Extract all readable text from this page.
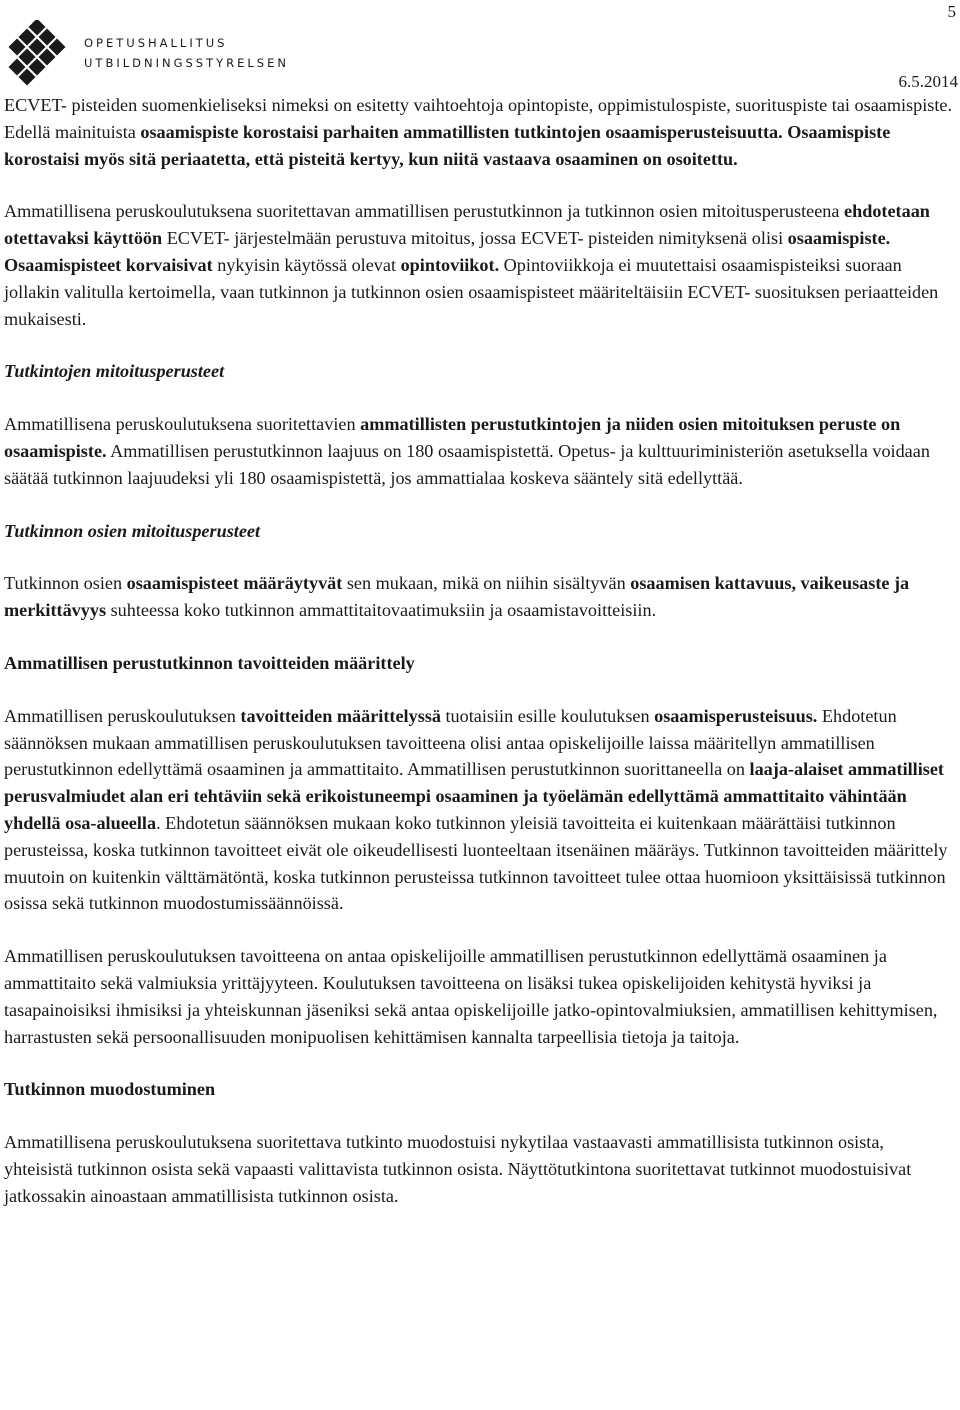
5
OPETUSHALLITUS
UTBILDNINGSSTYRELSEN
6.5.2014

ECVET- pisteiden suomenkieliseksi nimeksi on esitetty vaihtoehtoja opintopiste, oppimistulospiste, suorituspiste tai osaamispiste. Edellä mainituista osaamispiste korostaisi parhaiten ammatillisten tutkintojen osaamisperusteisuutta. Osaamispiste korostaisi myös sitä periaatetta, että pisteitä kertyy, kun niitä vastaava osaaminen on osoitettu.

Ammatillisena peruskoulutuksena suoritettavan ammatillisen perustutkinnon ja tutkinnon osien mitoitusperusteena ehdotetaan otettavaksi käyttöön ECVET- järjestelmään perustuva mitoitus, jossa ECVET- pisteiden nimityksenä olisi osaamispiste. Osaamispisteet korvaisivat nykyisin käytössä olevat opintoviikot. Opintoviikkoja ei muutettaisi osaamispisteiksi suoraan jollakin valitulla kertoimella, vaan tutkinnon ja tutkinnon osien osaamispisteet määriteltäisiin ECVET- suosituksen periaatteiden mukaisesti.

Tutkintojen mitoitusperusteet

Ammatillisena peruskoulutuksena suoritettavien ammatillisten perustutkintojen ja niiden osien mitoituksen peruste on osaamispiste. Ammatillisen perustutkinnon laajuus on 180 osaamispistettä. Opetus- ja kulttuuriministeriön asetuksella voidaan säätää tutkinnon laajuudeksi yli 180 osaamispistettä, jos ammattialaa koskeva sääntely sitä edellyttää.

Tutkinnon osien mitoitusperusteet

Tutkinnon osien osaamispisteet määräytyvät sen mukaan, mikä on niihin sisältyvän osaamisen kattavuus, vaikeusaste ja merkittävyys suhteessa koko tutkinnon ammattitaitovaatimuksiin ja osaamistavoitteisiin.

Ammatillisen perustutkinnon tavoitteiden määrittely

Ammatillisen peruskoulutuksen tavoitteiden määrittelyssä tuotaisiin esille koulutuksen osaamisperusteisuus. Ehdotetun säännöksen mukaan ammatillisen peruskoulutuksen tavoitteena olisi antaa opiskelijoille laissa määritellyn ammatillisen perustutkinnon edellyttämä osaaminen ja ammattitaito. Ammatillisen perustutkinnon suorittaneella on laaja-alaiset ammatilliset perusvalmiudet alan eri tehtäviin sekä erikoistuneempi osaaminen ja työelämän edellyttämä ammattitaito vähintään yhdellä osa-alueella. Ehdotetun säännöksen mukaan koko tutkinnon yleisiä tavoitteita ei kuitenkaan määrättäisi tutkinnon perusteissa, koska tutkinnon tavoitteet eivät ole oikeudellisesti luonteeltaan itsenäinen määräys. Tutkinnon tavoitteiden määrittely muutoin on kuitenkin välttämätöntä, koska tutkinnon perusteissa tutkinnon tavoitteet tulee ottaa huomioon yksittäisissä tutkinnon osissa sekä tutkinnon muodostumissäännöissä.

Ammatillisen peruskoulutuksen tavoitteena on antaa opiskelijoille ammatillisen perustutkinnon edellyttämä osaaminen ja ammattitaito sekä valmiuksia yrittäjyyteen. Koulutuksen tavoitteena on lisäksi tukea opiskelijoiden kehitystä hyviksi ja tasapainoisiksi ihmisiksi ja yhteiskunnan jäseniksi sekä antaa opiskelijoille jatko-opintovalmiuksien, ammatillisen kehittymisen, harrastusten sekä persoonallisuuden monipuolisen kehittämisen kannalta tarpeellisia tietoja ja taitoja.

Tutkinnon muodostuminen

Ammatillisena peruskoulutuksena suoritettava tutkinto muodostuisi nykytilaa vastaavasti ammatillisista tutkinnon osista, yhteisistä tutkinnon osista sekä vapaasti valittavista tutkinnon osista. Näyttötutkintona suoritettavat tutkinnot muodostuisivat jatkossakin ainoastaan ammatillisista tutkinnon osista.
